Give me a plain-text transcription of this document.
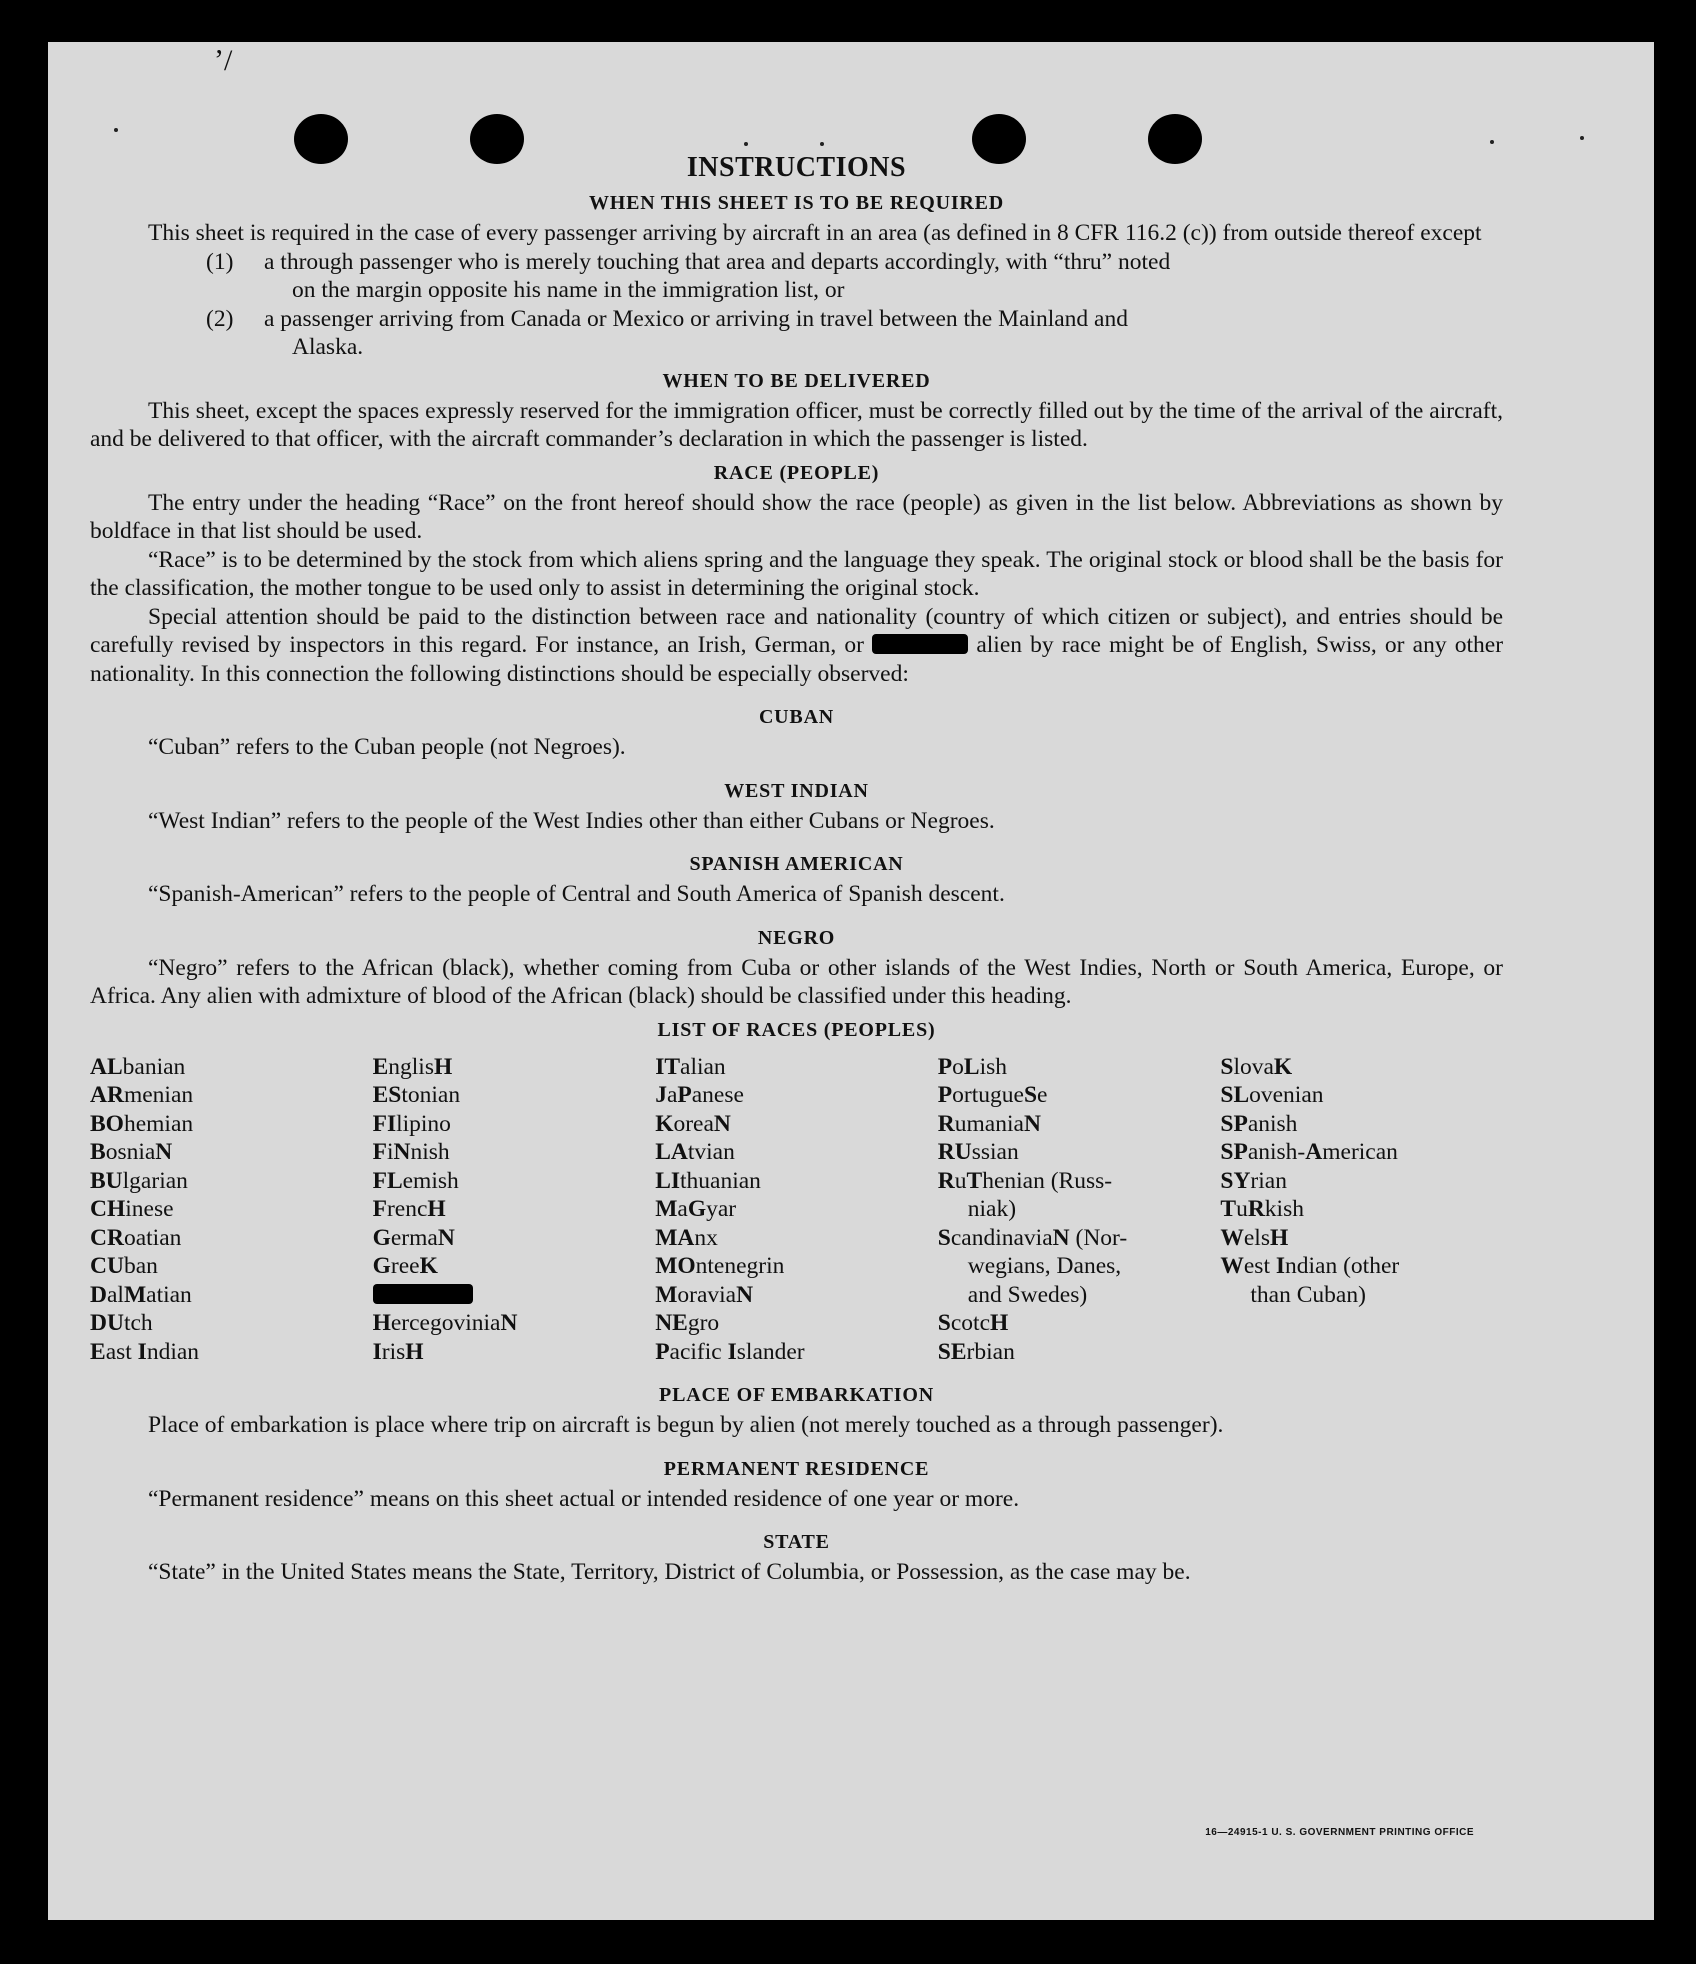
ʼ/
INSTRUCTIONS
WHEN THIS SHEET IS TO BE REQUIRED

This sheet is required in the case of every passenger arriving by aircraft in an area (as defined in 8 CFR 116.2 (c)) from outside thereof except

(1)	a through passenger who is merely touching that area and departs accordingly, with “thru” noted
on the margin opposite his name in the immigration list, or
(2)	a passenger arriving from Canada or Mexico or arriving in travel between the Mainland and
Alaska.
WHEN TO BE DELIVERED

This sheet, except the spaces expressly reserved for the immigration officer, must be correctly filled out by the time of the arrival of the aircraft, and be delivered to that officer, with the aircraft commander’s declaration in which the passenger is listed.

RACE (PEOPLE)

The entry under the heading “Race” on the front hereof should show the race (people) as given in the list below. Abbreviations as shown by boldface in that list should be used.

“Race” is to be determined by the stock from which aliens spring and the language they speak. The original stock or blood shall be the basis for the classification, the mother tongue to be used only to assist in determining the original stock.

Special attention should be paid to the distinction between race and nationality (country of which citizen or subject), and entries should be carefully revised by inspectors in this regard. For instance, an Irish, German, or	alien by race might be of English, Swiss, or any other nationality. In this connection the following distinctions should be especially observed:

CUBAN

“Cuban” refers to the Cuban people (not Negroes).

WEST INDIAN

“West Indian” refers to the people of the West Indies other than either Cubans or Negroes.

SPANISH AMERICAN

“Spanish-American” refers to the people of Central and South America of Spanish descent.

NEGRO

“Negro” refers to the African (black), whether coming from Cuba or other islands of the West Indies, North or South America, Europe, or Africa. Any alien with admixture of blood of the African (black) should be classified under this heading.

LIST OF RACES (PEOPLES)
ALbanian
ARmenian
BOhemian
BosniaN
BUlgarian
CHinese
CRoatian
CUban
DalMatian
DUtch
East Indian
EnglisH
EStonian
FIlipino
FiNnish
FLemish
FrencH
GermaN
GreeK
HercegoviniaN
IrisH
ITalian
JaPanese
KoreaN
LAtvian
LIthuanian
MaGyar
MAnx
MOntenegrin
MoraviaN
NEgro
Pacific Islander
PoLish
PortugueSe
RumaniaN
RUssian
RuThenian (Russ-
niak)
ScandinaviaN (Nor-
wegians, Danes,
and Swedes)
ScotcH
SErbian
SlovaK
SLovenian
SPanish
SPanish-American
SYrian
TuRkish
WelsH
West Indian (other
than Cuban)
PLACE OF EMBARKATION

Place of embarkation is place where trip on aircraft is begun by alien (not merely touched as a through passenger).

PERMANENT RESIDENCE

“Permanent residence” means on this sheet actual or intended residence of one year or more.

STATE

“State” in the United States means the State, Territory, District of Columbia, or Possession, as the case may be.

16—24915-1 U. S. GOVERNMENT PRINTING OFFICE
